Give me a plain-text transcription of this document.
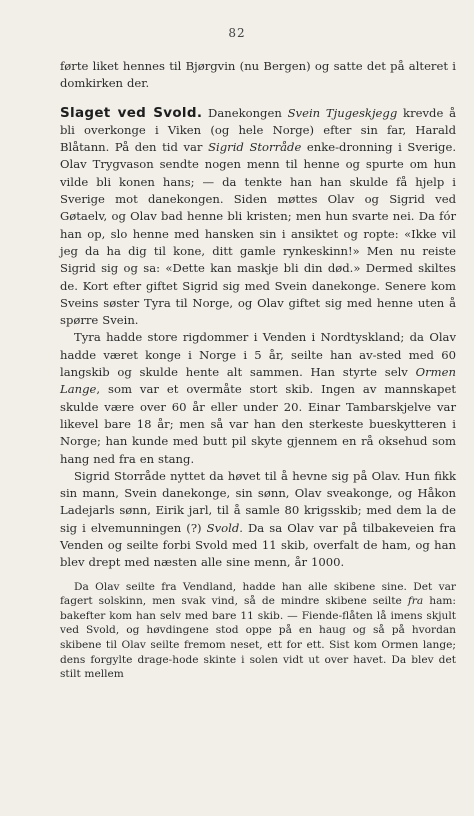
82

førte liket hennes til Bjørgvin (nu Bergen) og satte det på alteret i domkirken der.

Slaget ved Svold. Danekongen Svein Tjugeskjegg krevde å bli overkonge i Viken (og hele Norge) efter sin far, Harald Blåtann. På den tid var Sigrid Storråde enke-dronning i Sverige. Olav Trygvason sendte nogen menn til henne og spurte om hun vilde bli konen hans; — da tenkte han han skulde få hjelp i Sverige mot danekongen. Siden møttes Olav og Sigrid ved Gøtaelv, og Olav bad henne bli kristen; men hun svarte nei. Da fór han op, slo henne med hansken sin i ansiktet og ropte: «Ikke vil jeg da ha dig til kone, ditt gamle rynkeskinn!» Men nu reiste Sigrid sig og sa: «Dette kan maskje bli din død.» Dermed skiltes de. Kort efter giftet Sigrid sig med Svein danekonge. Senere kom Sveins søster Tyra til Norge, og Olav giftet sig med henne uten å spørre Svein.

Tyra hadde store rigdommer i Venden i Nordtyskland; da Olav hadde været konge i Norge i 5 år, seilte han av-sted med 60 langskib og skulde hente alt sammen. Han styrte selv Ormen Lange, som var et overmåte stort skib. Ingen av mannskapet skulde være over 60 år eller under 20. Einar Tambarskjelve var likevel bare 18 år; men så var han den sterkeste bueskytteren i Norge; han kunde med butt pil skyte gjennem en rå oksehud som hang ned fra en stang.

Sigrid Storråde nyttet da høvet til å hevne sig på Olav. Hun fikk sin mann, Svein danekonge, sin sønn, Olav sveakonge, og Håkon Ladejarls sønn, Eirik jarl, til å samle 80 krigsskib; med dem la de sig i elvemunningen (?) Svold. Da sa Olav var på tilbakeveien fra Venden og seilte forbi Svold med 11 skib, overfalt de ham, og han blev drept med næsten alle sine menn, år 1000.

Da Olav seilte fra Vendland, hadde han alle skibene sine. Det var fagert solskinn, men svak vind, så de mindre skibene seilte fra ham: bakefter kom han selv med bare 11 skib. — Fiende-flåten lå imens skjult ved Svold, og høvdingene stod oppe på en haug og så på hvordan skibene til Olav seilte fremom neset, ett for ett. Sist kom Ormen lange; dens forgylte drage-hode skinte i solen vidt ut over havet. Da blev det stilt mellem
